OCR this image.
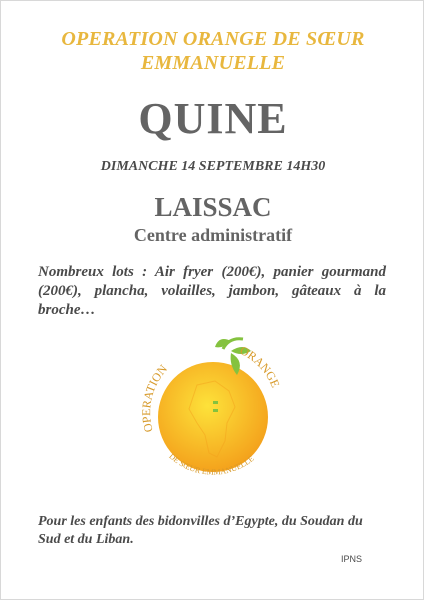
OPERATION ORANGE DE SŒUR
EMMANUELLE
QUINE
DIMANCHE 14 SEPTEMBRE 14H30
LAISSAC
Centre administratif
Nombreux lots : Air fryer (200€), panier gourmand (200€), plancha, volailles, jambon, gâteaux à la broche…
OPERATION
ORANGE
DE SŒUR EMMANUELLE
Pour les enfants des bidonvilles d’Egypte, du Soudan du Sud et du Liban.
IPNS
